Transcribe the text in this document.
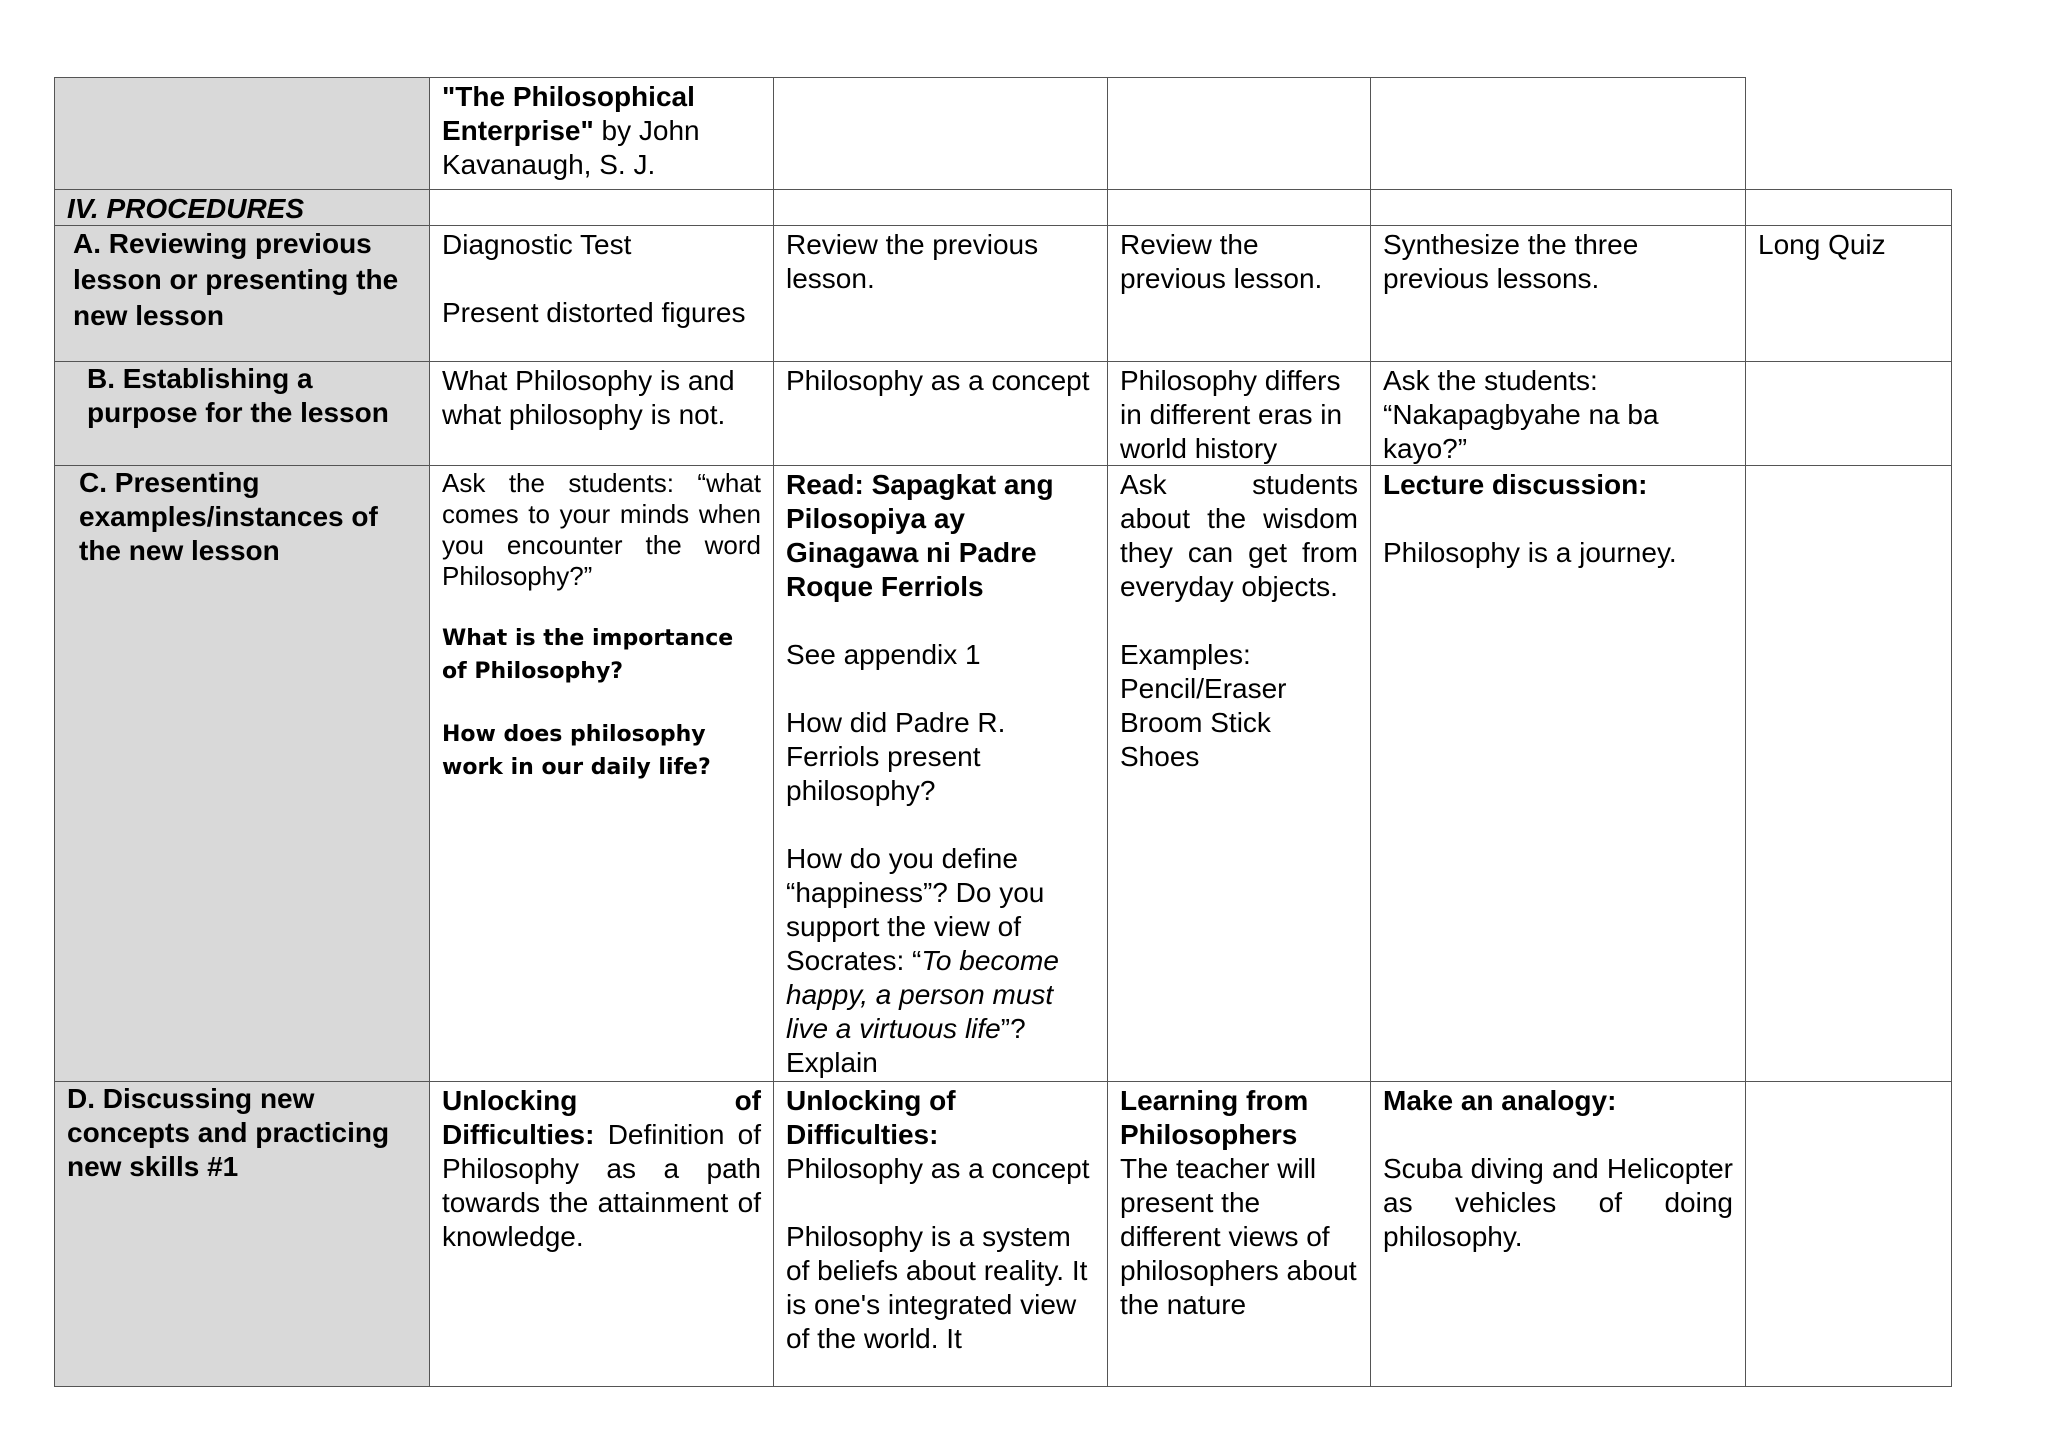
"The Philosophical Enterprise" by John Kavanaugh, S. J.
IV. PROCEDURES
A. Reviewing previous lesson or presenting the new lesson

Diagnostic Test

Present distorted figures

Review the previous lesson.
Review the previous lesson.
Synthesize the three previous lessons.
Long Quiz
B. Establishing a purpose for the lesson
What Philosophy is and what philosophy is not.
Philosophy as a concept	Philosophy differs in different eras in world history
Ask the students: “Nakapagbyahe na ba kayo?”
C. Presenting examples/instances of the new lesson

Ask the students: “what comes to your minds when you encounter the word Philosophy?”

What is the importance of Philosophy?

How does philosophy work in our daily life?

Read: Sapagkat ang Pilosopiya ay Ginagawa ni Padre Roque Ferriols

See appendix 1

How did Padre R. Ferriols present philosophy?

How do you define “happiness”? Do you support the view of Socrates: “To become happy, a person must live a virtuous life”? Explain

Ask students about the wisdom they can get from everyday objects.

Examples:

Pencil/Eraser

Broom Stick

Shoes

Lecture discussion:

Philosophy is a journey.

D. Discussing new concepts and practicing new skills #1
Unlocking of Difficulties: Definition of Philosophy as a path towards the attainment of knowledge.

Unlocking of Difficulties:

Philosophy as a concept

Philosophy is a system of beliefs about reality. It is one's integrated view of the world. It

Learning from Philosophers

The teacher will present the different views of philosophers about the nature

Make an analogy:

Scuba diving and Helicopter as vehicles of doing philosophy.
